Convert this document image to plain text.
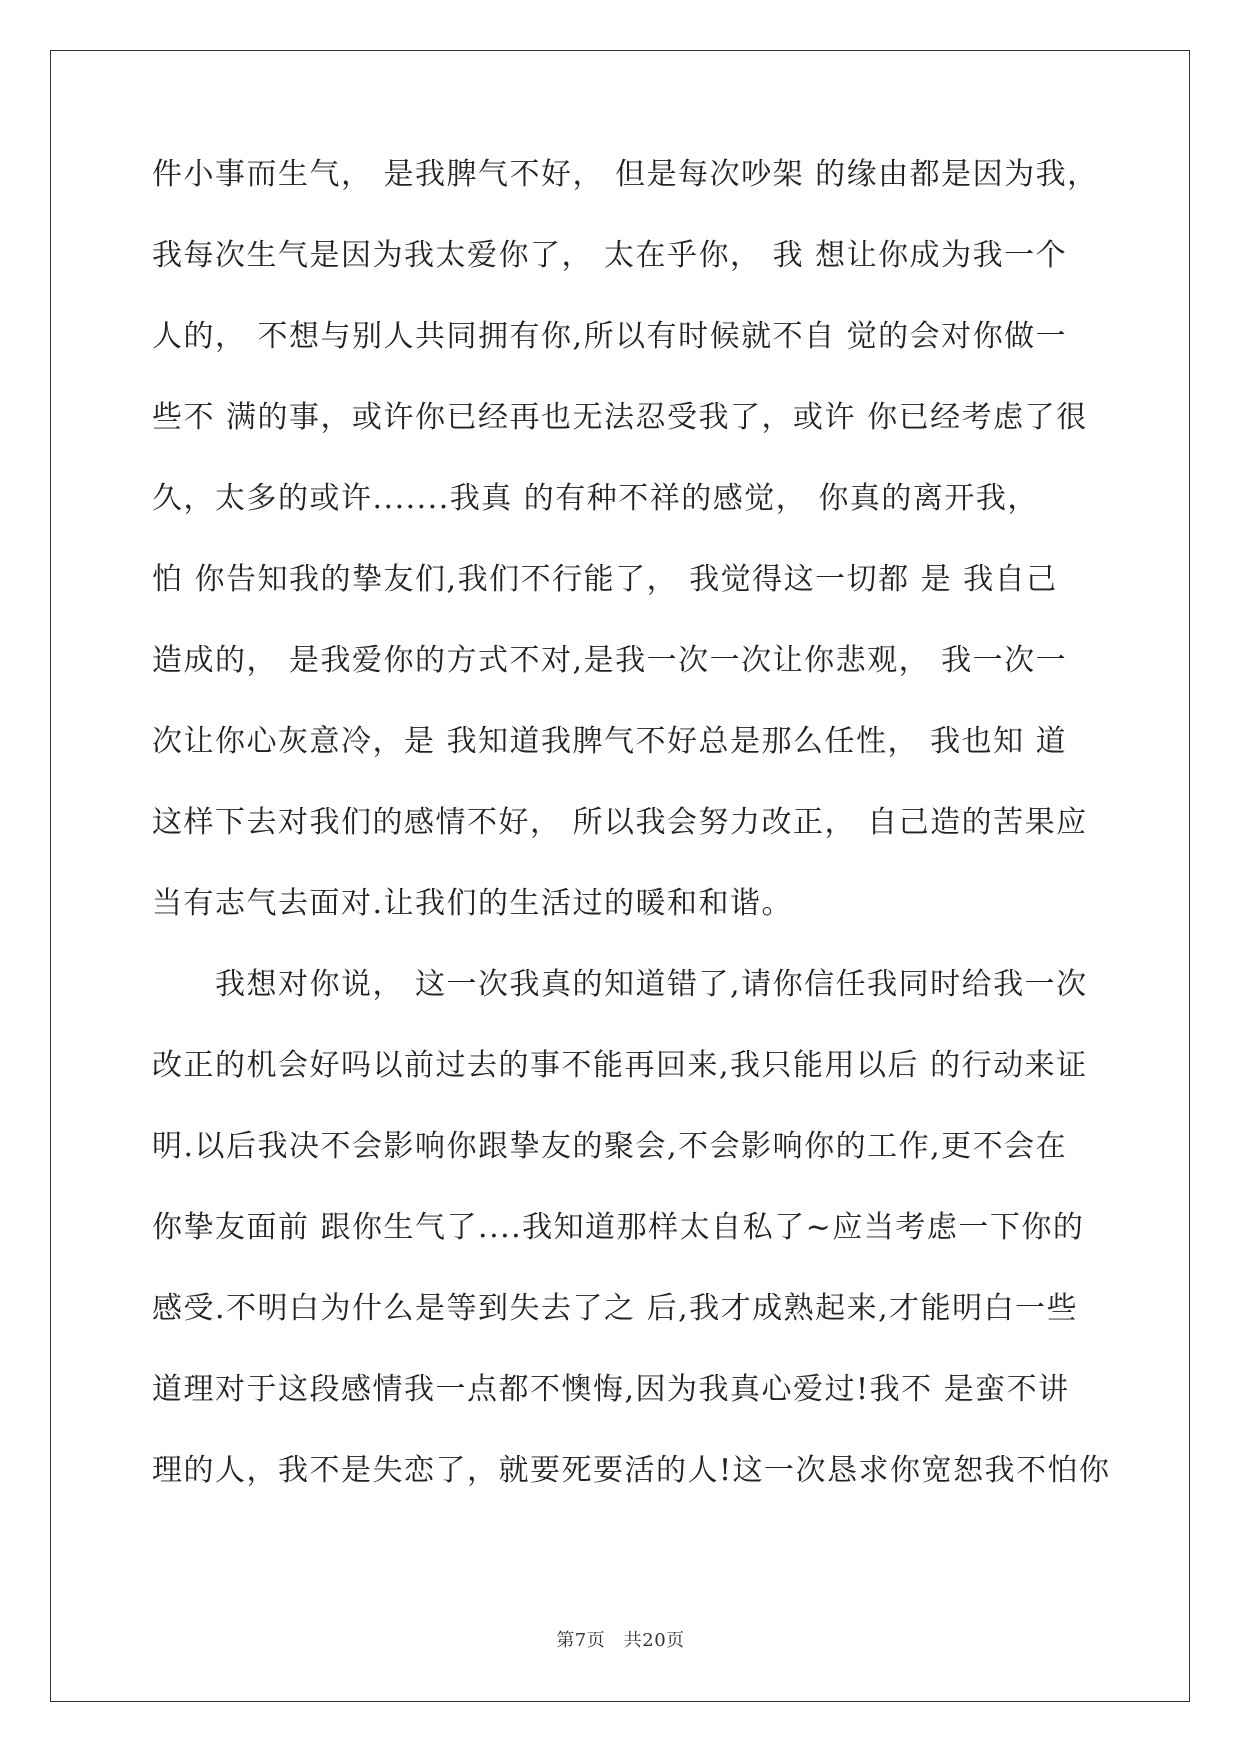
件小事而生气， 是我脾气不好， 但是每次吵架 的缘由都是因为我，
我每次生气是因为我太爱你了， 太在乎你， 我 想让你成为我一个
人的， 不想与别人共同拥有你,所以有时候就不自 觉的会对你做一
些不 满的事，或许你已经再也无法忍受我了，或许 你已经考虑了很
久，太多的或许.......我真 的有种不祥的感觉， 你真的离开我，
怕 你告知我的挚友们,我们不行能了， 我觉得这一切都 是 我自己
造成的， 是我爱你的方式不对,是我一次一次让你悲观， 我一次一
次让你心灰意冷，是 我知道我脾气不好总是那么任性， 我也知 道
这样下去对我们的感情不好， 所以我会努力改正， 自己造的苦果应
当有志气去面对.让我们的生活过的暖和和谐。
　　我想对你说， 这一次我真的知道错了,请你信任我同时给我一次
改正的机会好吗以前过去的事不能再回来,我只能用以后 的行动来证
明.以后我决不会影响你跟挚友的聚会,不会影响你的工作,更不会在
你挚友面前 跟你生气了....我知道那样太自私了~应当考虑一下你的
感受.不明白为什么是等到失去了之 后,我才成熟起来,才能明白一些
道理对于这段感情我一点都不懊悔,因为我真心爱过!我不 是蛮不讲
理的人，我不是失恋了，就要死要活的人!这一次恳求你宽恕我不怕你
第7页　共20页
